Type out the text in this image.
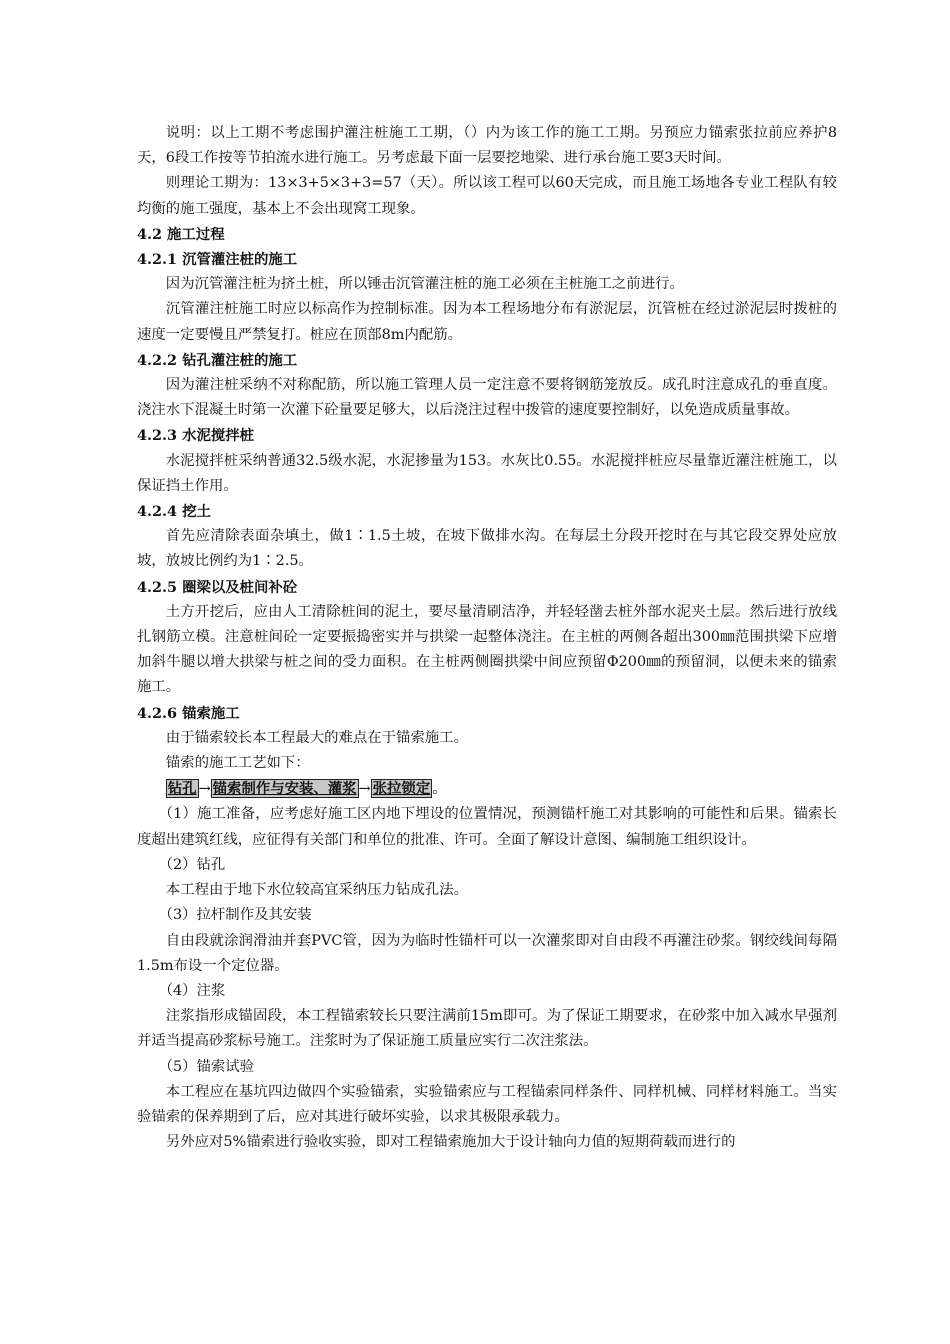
说明：以上工期不考虑围护灌注桩施工工期，（）内为该工作的施工工期。另预应力锚索张拉前应养护8天，6段工作按等节拍流水进行施工。另考虑最下面一层要挖地梁、进行承台施工要3天时间。

则理论工期为：13×3+5×3+3=57（天）。所以该工程可以60天完成，而且施工场地各专业工程队有较均衡的施工强度，基本上不会出现窝工现象。

4.2 施工过程
4.2.1 沉管灌注桩的施工

因为沉管灌注桩为挤土桩，所以锤击沉管灌注桩的施工必须在主桩施工之前进行。

沉管灌注桩施工时应以标高作为控制标准。因为本工程场地分布有淤泥层，沉管桩在经过淤泥层时拨桩的速度一定要慢且严禁复打。桩应在顶部8m内配筋。

4.2.2 钻孔灌注桩的施工

因为灌注桩采纳不对称配筋，所以施工管理人员一定注意不要将钢筋笼放反。成孔时注意成孔的垂直度。浇注水下混凝土时第一次灌下砼量要足够大，以后浇注过程中拨管的速度要控制好，以免造成质量事故。

4.2.3 水泥搅拌桩

水泥搅拌桩采纳普通32.5级水泥，水泥掺量为153。水灰比0.55。水泥搅拌桩应尽量靠近灌注桩施工，以保证挡土作用。

4.2.4 挖土

首先应清除表面杂填土，做1∶1.5土坡，在坡下做排水沟。在每层土分段开挖时在与其它段交界处应放坡，放坡比例约为1∶2.5。

4.2.5 圈梁以及桩间补砼

土方开挖后，应由人工清除桩间的泥土，要尽量清刷洁净，并轻轻凿去桩外部水泥夹土层。然后进行放线扎钢筋立模。注意桩间砼一定要振捣密实并与拱梁一起整体浇注。在主桩的两侧各超出300㎜范围拱梁下应增加斜牛腿以增大拱梁与桩之间的受力面积。在主桩两侧圈拱梁中间应预留Φ200㎜的预留洞，以便未来的锚索施工。

4.2.6 锚索施工

由于锚索较长本工程最大的难点在于锚索施工。

锚索的施工工艺如下：

钻孔 → 锚索制作与安装、灌浆 → 张拉锁定 。

（1）施工准备，应考虑好施工区内地下埋设的位置情况，预测锚杆施工对其影响的可能性和后果。锚索长度超出建筑红线，应征得有关部门和单位的批准、许可。全面了解设计意图、编制施工组织设计。

（2）钻孔

本工程由于地下水位较高宜采纳压力钻成孔法。

（3）拉杆制作及其安装

自由段就涂润滑油并套PVC管，因为为临时性锚杆可以一次灌浆即对自由段不再灌注砂浆。钢绞线间每隔1.5m布设一个定位器。

（4）注浆

注浆指形成锚固段，本工程锚索较长只要注满前15m即可。为了保证工期要求，在砂浆中加入减水早强剂并适当提高砂浆标号施工。注浆时为了保证施工质量应实行二次注浆法。

（5）锚索试验

本工程应在基坑四边做四个实验锚索，实验锚索应与工程锚索同样条件、同样机械、同样材料施工。当实验锚索的保养期到了后，应对其进行破坏实验，以求其极限承载力。

另外应对5%锚索进行验收实验，即对工程锚索施加大于设计轴向力值的短期荷载而进行的
